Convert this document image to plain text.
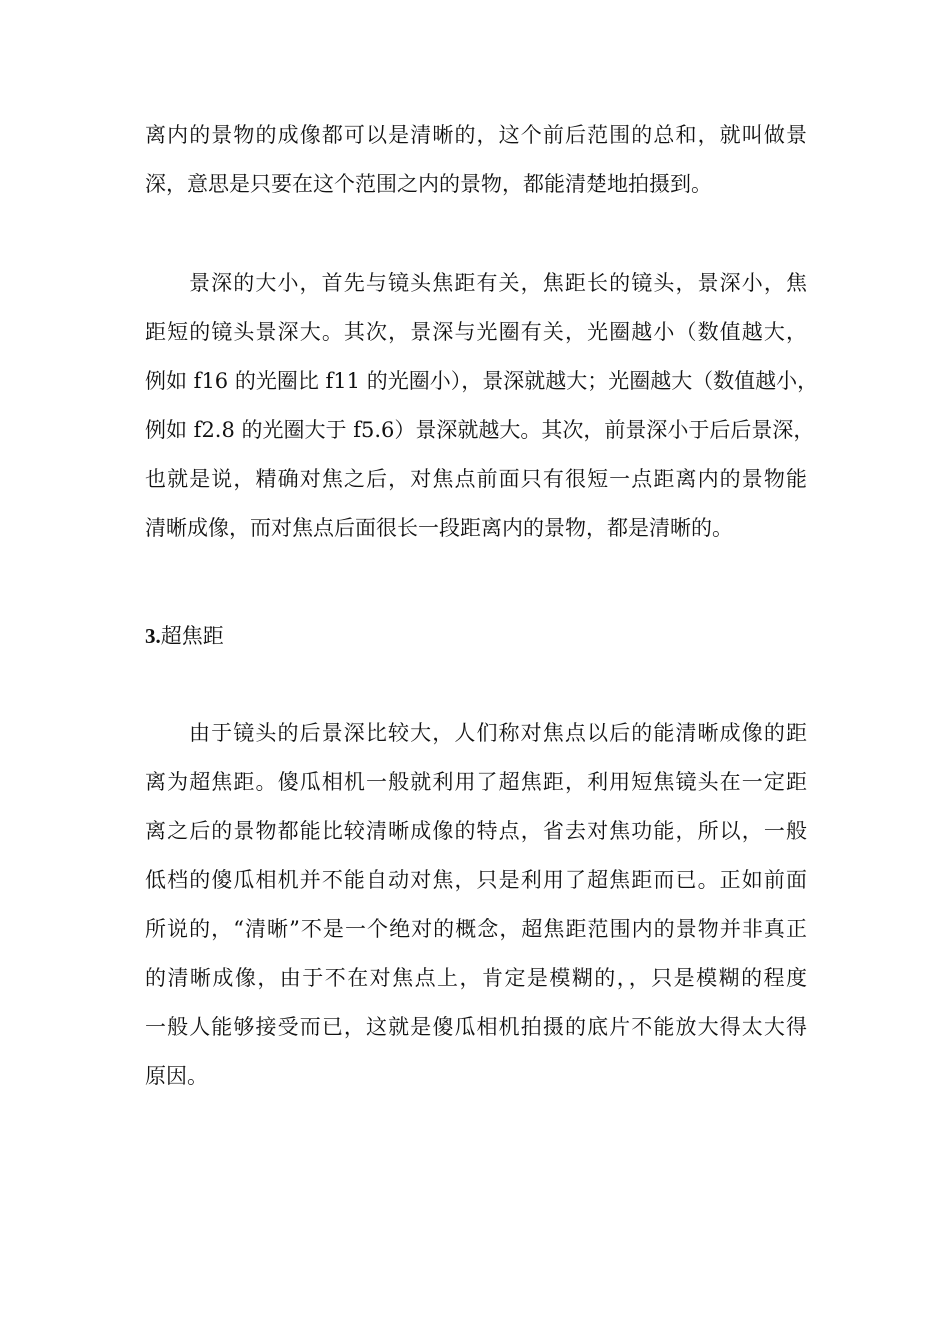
离内的景物的成像都可以是清晰的，这个前后范围的总和，就叫做景
深，意思是只要在这个范围之内的景物，都能清楚地拍摄到。
景深的大小，首先与镜头焦距有关，焦距长的镜头，景深小，焦
距短的镜头景深大。其次，景深与光圈有关，光圈越小（数值越大，
例如 f16 的光圈比 f11 的光圈小），景深就越大；光圈越大（数值越小，
例如 f2.8 的光圈大于 f5.6）景深就越大。其次，前景深小于后后景深，
也就是说，精确对焦之后，对焦点前面只有很短一点距离内的景物能
清晰成像，而对焦点后面很长一段距离内的景物，都是清晰的。
3.超焦距
由于镜头的后景深比较大，人们称对焦点以后的能清晰成像的距
离为超焦距。傻瓜相机一般就利用了超焦距，利用短焦镜头在一定距
离之后的景物都能比较清晰成像的特点，省去对焦功能，所以，一般
低档的傻瓜相机并不能自动对焦，只是利用了超焦距而已。正如前面
所说的，“清晰”不是一个绝对的概念，超焦距范围内的景物并非真正
的清晰成像，由于不在对焦点上，肯定是模糊的，，只是模糊的程度
一般人能够接受而已，这就是傻瓜相机拍摄的底片不能放大得太大得
原因。
